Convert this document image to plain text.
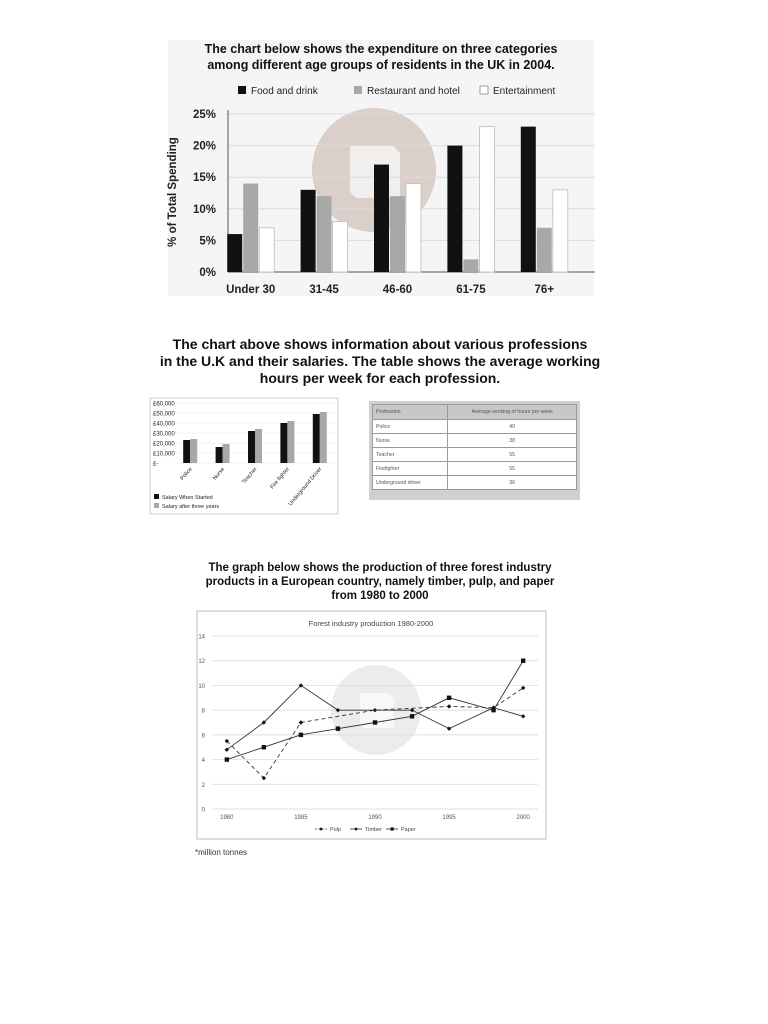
The chart below shows the expenditure on three categories
among different age groups of residents in the UK in 2004.
Food and drink	Restaurant and hotel	Entertainment
0%
5%
10%
15%
20%
25%
Under 30	31-45	46-60	61-75	76+
% of Total Spending
The chart above shows information about various professions
in the U.K and their salaries. The table shows the average working
hours per week for each profession.
£-
£10,000
£20,000
£30,000
£40,000
£50,000
£60,000
Police	Nurse	Teacher Fire fighter
Underground Driver
Salary When Started
Salary after three years
Profession	Average working of hours per week
Police	40
Nurse	38
Teacher	55
Firefighter	55
Underground driver	36
The graph below shows the production of three forest industry
products in a European country, namely timber, pulp, and paper
from 1980 to 2000
Forest industry production 1980-2000
0
2
4
6
8
10
12
14
1980	1985	1990	1995	2000
Pulp	Timber	Paper
*million tonnes
